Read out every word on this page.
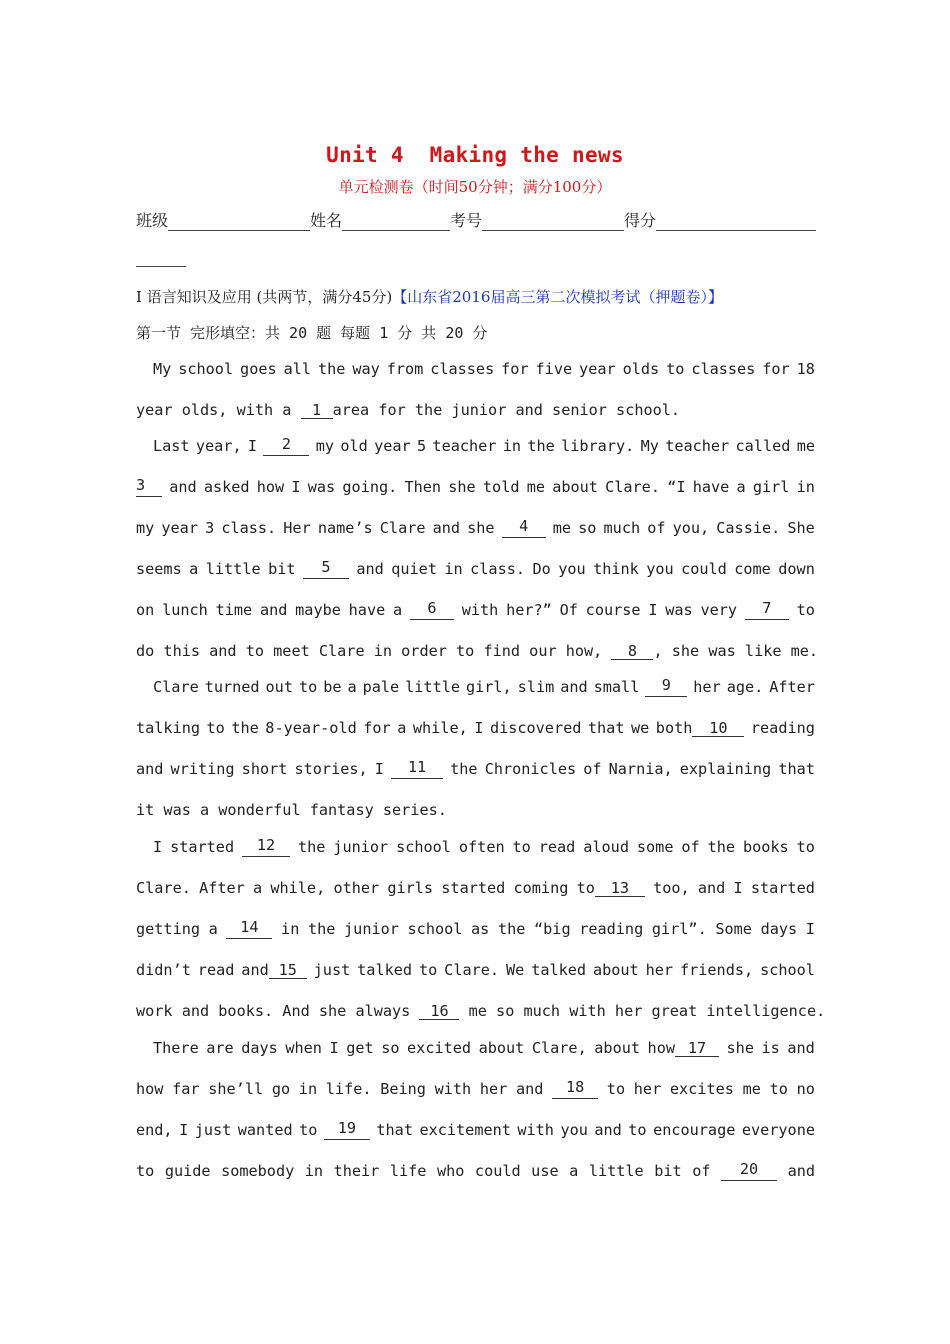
Unit 4  Making the news
单元检测卷（时间50分钟；满分100分）
班级	姓名	考号	得分
I 语言知识及应用 (共两节，满分45分)【山东省2016届高三第二次模拟考试（押题卷）】
第一节 完形填空：共 20 题 每题 1 分 共 20 分
My school goes all the way from classes for five year olds to classes for 18
year olds, with a 1 area for the junior and senior school.
Last year, I	2	my old year 5 teacher in the library. My teacher called me
3	and asked how I was going. Then she told me about Clare. “I have a girl in
my year 3 class. Her name’s Clare and she	4	me so much of you, Cassie. She
seems a little bit	5	and quiet in class. Do you think you could come down
on lunch time and maybe have a	6	with her?” Of course I was very	7	to
do this and to meet Clare in order to find our how, 8 , she was like me.
Clare turned out to be a pale little girl, slim and small	9	her age. After
talking to the 8-year-old for a while, I discovered that we both 10	reading
and writing short stories, I	11	the Chronicles of Narnia, explaining that
it was a wonderful fantasy series.
I started	12	the junior school often to read aloud some of the books to
Clare. After a while, other girls started coming to 13	too, and I started
getting a	14	in the junior school as the “big reading girl”. Some days I
didn’t read and 15	just talked to Clare. We talked about her friends, school
work and books. And she always 16 me so much with her great intelligence.
There are days when I get so excited about Clare, about how 17	she is and
how far she’ll go in life. Being with her and	18	to her excites me to no
end, I just wanted to	19	that excitement with you and to encourage everyone
to guide somebody in their life who could use a little bit of	20	and
